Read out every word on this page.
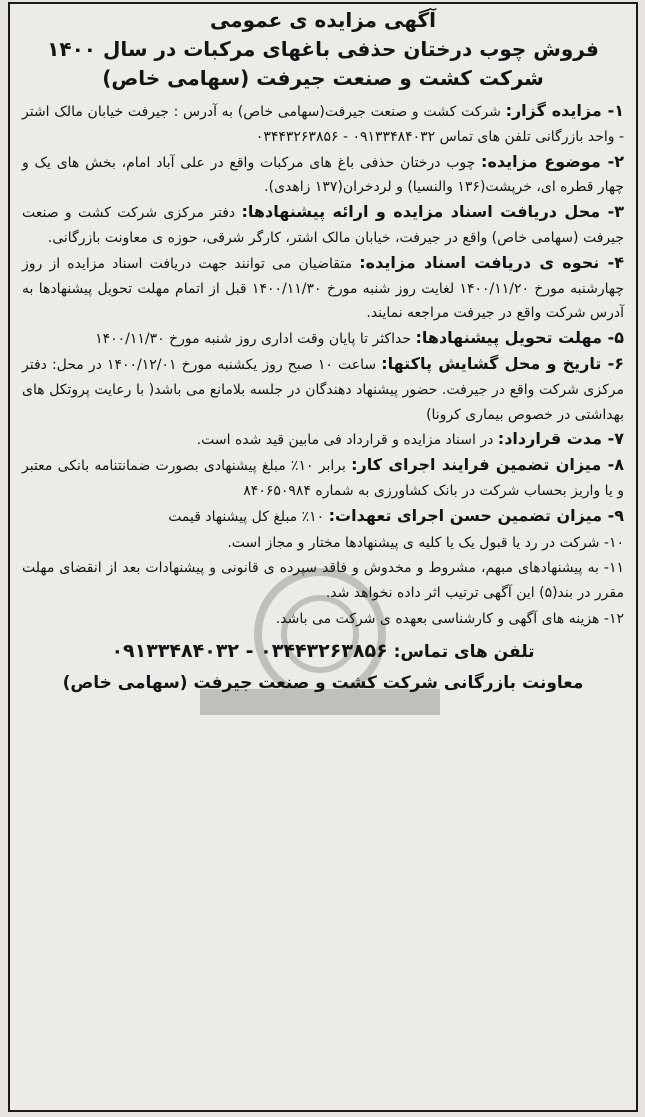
آگهی مزایده ی عمومی

فروش چوب درختان حذفی باغهای مرکبات در سال ۱۴۰۰

شرکت کشت و صنعت جیرفت (سهامی خاص)

۱- مزایده گزار: شرکت کشت و صنعت جیرفت(سهامی خاص) به آدرس : جیرفت خیابان مالک اشتر - واحد بازرگانی تلفن های تماس ۰۹۱۳۳۴۸۴۰۳۲ - ۰۳۴۴۳۲۶۳۸۵۶

۲- موضوع مزایده: چوب درختان حذفی باغ های مرکبات واقع در علی آباد امام، بخش های یک و چهار قطره ای، خرپشت(۱۳۶ والنسیا) و لردخران(۱۳۷ زاهدی).

۳- محل دریافت اسناد مزایده و ارائه پیشنهادها: دفتر مرکزی شرکت کشت و صنعت جیرفت (سهامی خاص) واقع در جیرفت، خیابان مالک اشتر، کارگر شرقی، حوزه ی معاونت بازرگانی.

۴- نحوه ی دریافت اسناد مزایده: متقاضیان می توانند جهت دریافت اسناد مزایده از روز چهارشنبه مورخ ۱۴۰۰/۱۱/۲۰ لغایت روز شنبه مورخ ۱۴۰۰/۱۱/۳۰ قبل از اتمام مهلت تحویل پیشنهادها به آدرس شرکت واقع در جیرفت مراجعه نمایند.

۵- مهلت تحویل پیشنهادها: حداکثر تا پایان وقت اداری روز شنبه مورخ ۱۴۰۰/۱۱/۳۰

۶- تاریخ و محل گشایش پاکتها: ساعت ۱۰ صبح روز یکشنبه مورخ ۱۴۰۰/۱۲/۰۱ در محل: دفتر مرکزی شرکت واقع در جیرفت. حضور پیشنهاد دهندگان در جلسه بلامانع می باشد( با رعایت پروتکل های بهداشتی در خصوص بیماری کرونا)

۷- مدت قرارداد: در اسناد مزایده و قرارداد فی مابین قید شده است.

۸- میزان تضمین فرایند اجرای کار: برابر ۱۰٪ مبلغ پیشنهادی بصورت ضمانتنامه بانکی معتبر و یا واریز بحساب شرکت در بانک کشاورزی به شماره ۸۴۰۶۵۰۹۸۴

۹- میزان تضمین حسن اجرای تعهدات: ۱۰٪ مبلغ کل پیشنهاد قیمت

۱۰- شرکت در رد یا قبول یک یا کلیه ی پیشنهادها مختار و مجاز است.

۱۱- به پیشنهادهای مبهم، مشروط و مخدوش و فاقد سپرده ی قانونی و پیشنهادات بعد از انقضای مهلت مقرر در بند(۵) این آگهی ترتیب اثر داده نخواهد شد.

۱۲- هزینه های آگهی و کارشناسی بعهده ی شرکت می باشد.

تلفن های تماس: ۰۳۴۴۳۲۶۳۸۵۶ - ۰۹۱۳۳۴۸۴۰۳۲
معاونت بازرگانی شرکت کشت و صنعت جیرفت (سهامی خاص)
